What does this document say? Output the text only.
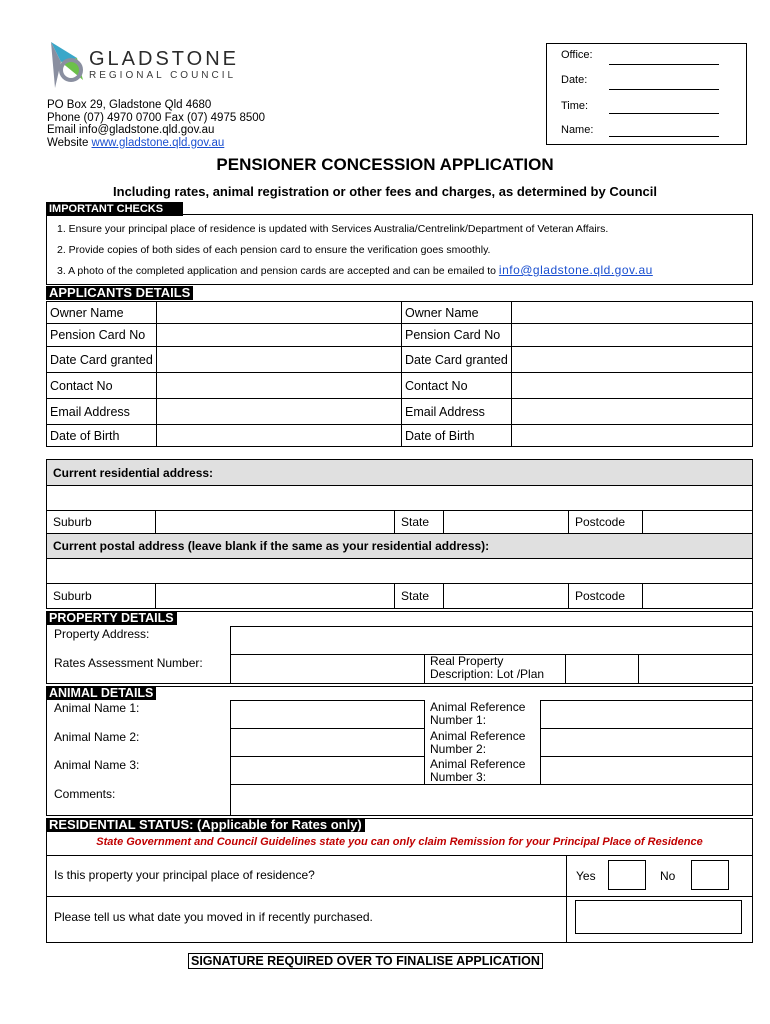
GLADSTONE
REGIONAL COUNCIL
PO Box 29, Gladstone Qld 4680
Phone (07) 4970 0700 Fax (07) 4975 8500
Email info@gladstone.qld.gov.au
Website www.gladstone.qld.gov.au
Office:
Date:
Time:
Name:
PENSIONER CONCESSION APPLICATION
Including rates, animal registration or other fees and charges, as determined by Council
1. Ensure your principal place of residence is updated with Services Australia/Centrelink/Department of Veteran Affairs.
2. Provide copies of both sides of each pension card to ensure the verification goes smoothly.
3. A photo of the completed application and pension cards are accepted and can be emailed to info@gladstone.qld.gov.au
IMPORTANT CHECKS
APPLICANTS DETAILS
Owner Name		Owner Name	
Pension Card No		Pension Card No	
Date Card granted		Date Card granted	
Contact No		Contact No	
Email Address		Email Address	
Date of Birth		Date of Birth	
Current residential address:
Suburb	State	Postcode
Current postal address (leave blank if the same as your residential address):
Suburb	State	Postcode
PROPERTY DETAILS
Property Address:
Rates Assessment Number:	Real Property Description: Lot /Plan
ANIMAL DETAILS
Animal Name 1:	Animal Reference Number 1:
Animal Name 2:	Animal Reference Number 2:
Animal Name 3:	Animal Reference Number 3:
Comments:
RESIDENTIAL STATUS: (Applicable for Rates only)
State Government and Council Guidelines state you can only claim Remission for your Principal Place of Residence
Is this property your principal place of residence?	Yes	No
Please tell us what date you moved in if recently purchased.
SIGNATURE REQUIRED OVER TO FINALISE APPLICATION
